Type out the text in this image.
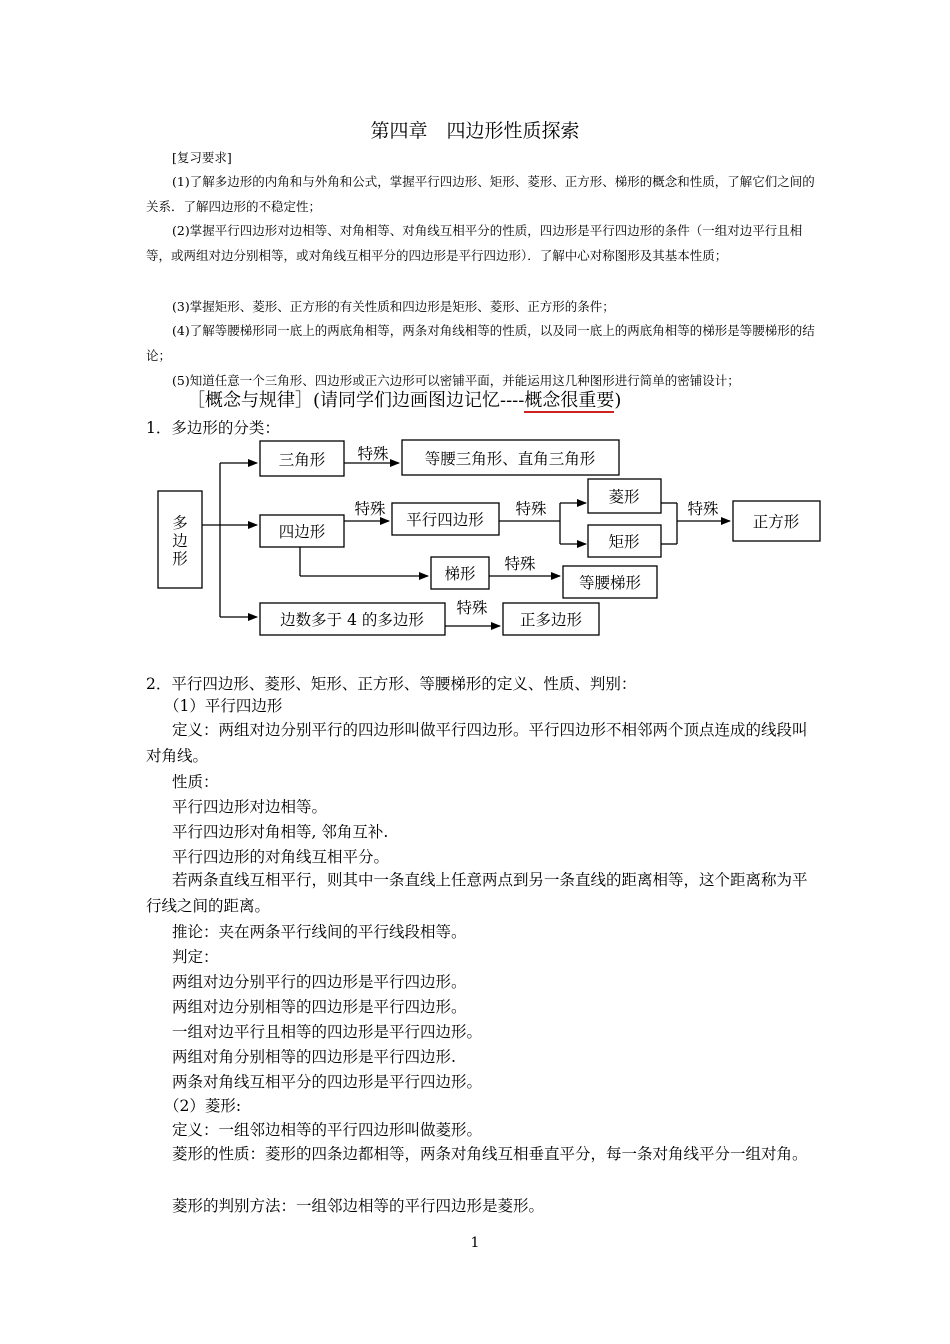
第四章　四边形性质探索
[复习要求]
(1)了解多边形的内角和与外角和公式，掌握平行四边形、矩形、菱形、正方形、梯形的概念和性质，了解它们之间的关系．了解四边形的不稳定性；
(2)掌握平行四边形对边相等、对角相等、对角线互相平分的性质，四边形是平行四边形的条件（一组对边平行且相等，或两组对边分别相等，或对角线互相平分的四边形是平行四边形）．了解中心对称图形及其基本性质；
(3)掌握矩形、菱形、正方形的有关性质和四边形是矩形、菱形、正方形的条件；
(4)了解等腰梯形同一底上的两底角相等，两条对角线相等的性质，以及同一底上的两底角相等的梯形是等腰梯形的结论；
(5)知道任意一个三角形、四边形或正六边形可以密铺平面，并能运用这几种图形进行简单的密铺设计；
［概念与规律］(请同学们边画图边记忆----概念很重要)
1．多边形的分类：
多
边
形
三角形 特殊 等腰三角形、直角三角形
四边形
特殊
平行四边形
特殊
菱形
矩形
特殊
正方形
梯形
特殊
等腰梯形
边数多于 4 的多边形
特殊
正多边形
2．平行四边形、菱形、矩形、正方形、等腰梯形的定义、性质、判别：
（1）平行四边形
定义：两组对边分别平行的四边形叫做平行四边形。平行四边形不相邻两个顶点连成的线段叫对角线。
性质：
平行四边形对边相等。
平行四边形对角相等, 邻角互补.
平行四边形的对角线互相平分。
若两条直线互相平行，则其中一条直线上任意两点到另一条直线的距离相等，这个距离称为平行线之间的距离。
推论：夹在两条平行线间的平行线段相等。
判定：
两组对边分别平行的四边形是平行四边形。
两组对边分别相等的四边形是平行四边形。
一组对边平行且相等的四边形是平行四边形。
两组对角分别相等的四边形是平行四边形.
两条对角线互相平分的四边形是平行四边形。
（2）菱形:
定义：一组邻边相等的平行四边形叫做菱形。
菱形的性质：菱形的四条边都相等，两条对角线互相垂直平分，每一条对角线平分一组对角。
菱形的判别方法：一组邻边相等的平行四边形是菱形。
1
